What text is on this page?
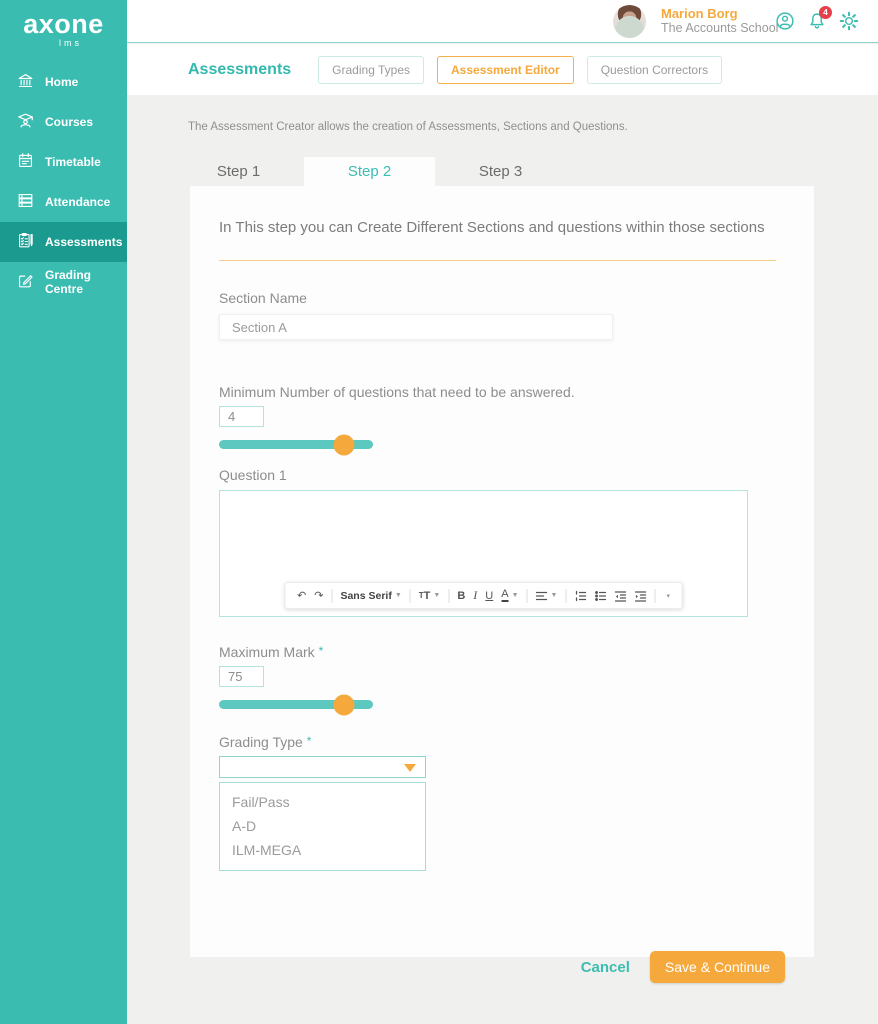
axone
lms
Home
Courses
Timetable
Attendance
Assessments
Grading Centre
Marion Borg
The Accounts School
4
Assessments	Grading Types	Assessment Editor	Question Correctors
The Assessment Creator allows the creation of Assessments, Sections and Questions.
Step 1	Step 2	Step 3
In This step you can Create Different Sections and questions within those sections
Section Name
Section A
Minimum Number of questions that need to be answered.
4
Question 1
↶ ↷	Sans Serif ▼ T T ▼ B I U A ▼	▼	▾
Maximum Mark *
75
Grading Type *
Fail/Pass
A-D
ILM-MEGA
Cancel	Save & Continue
